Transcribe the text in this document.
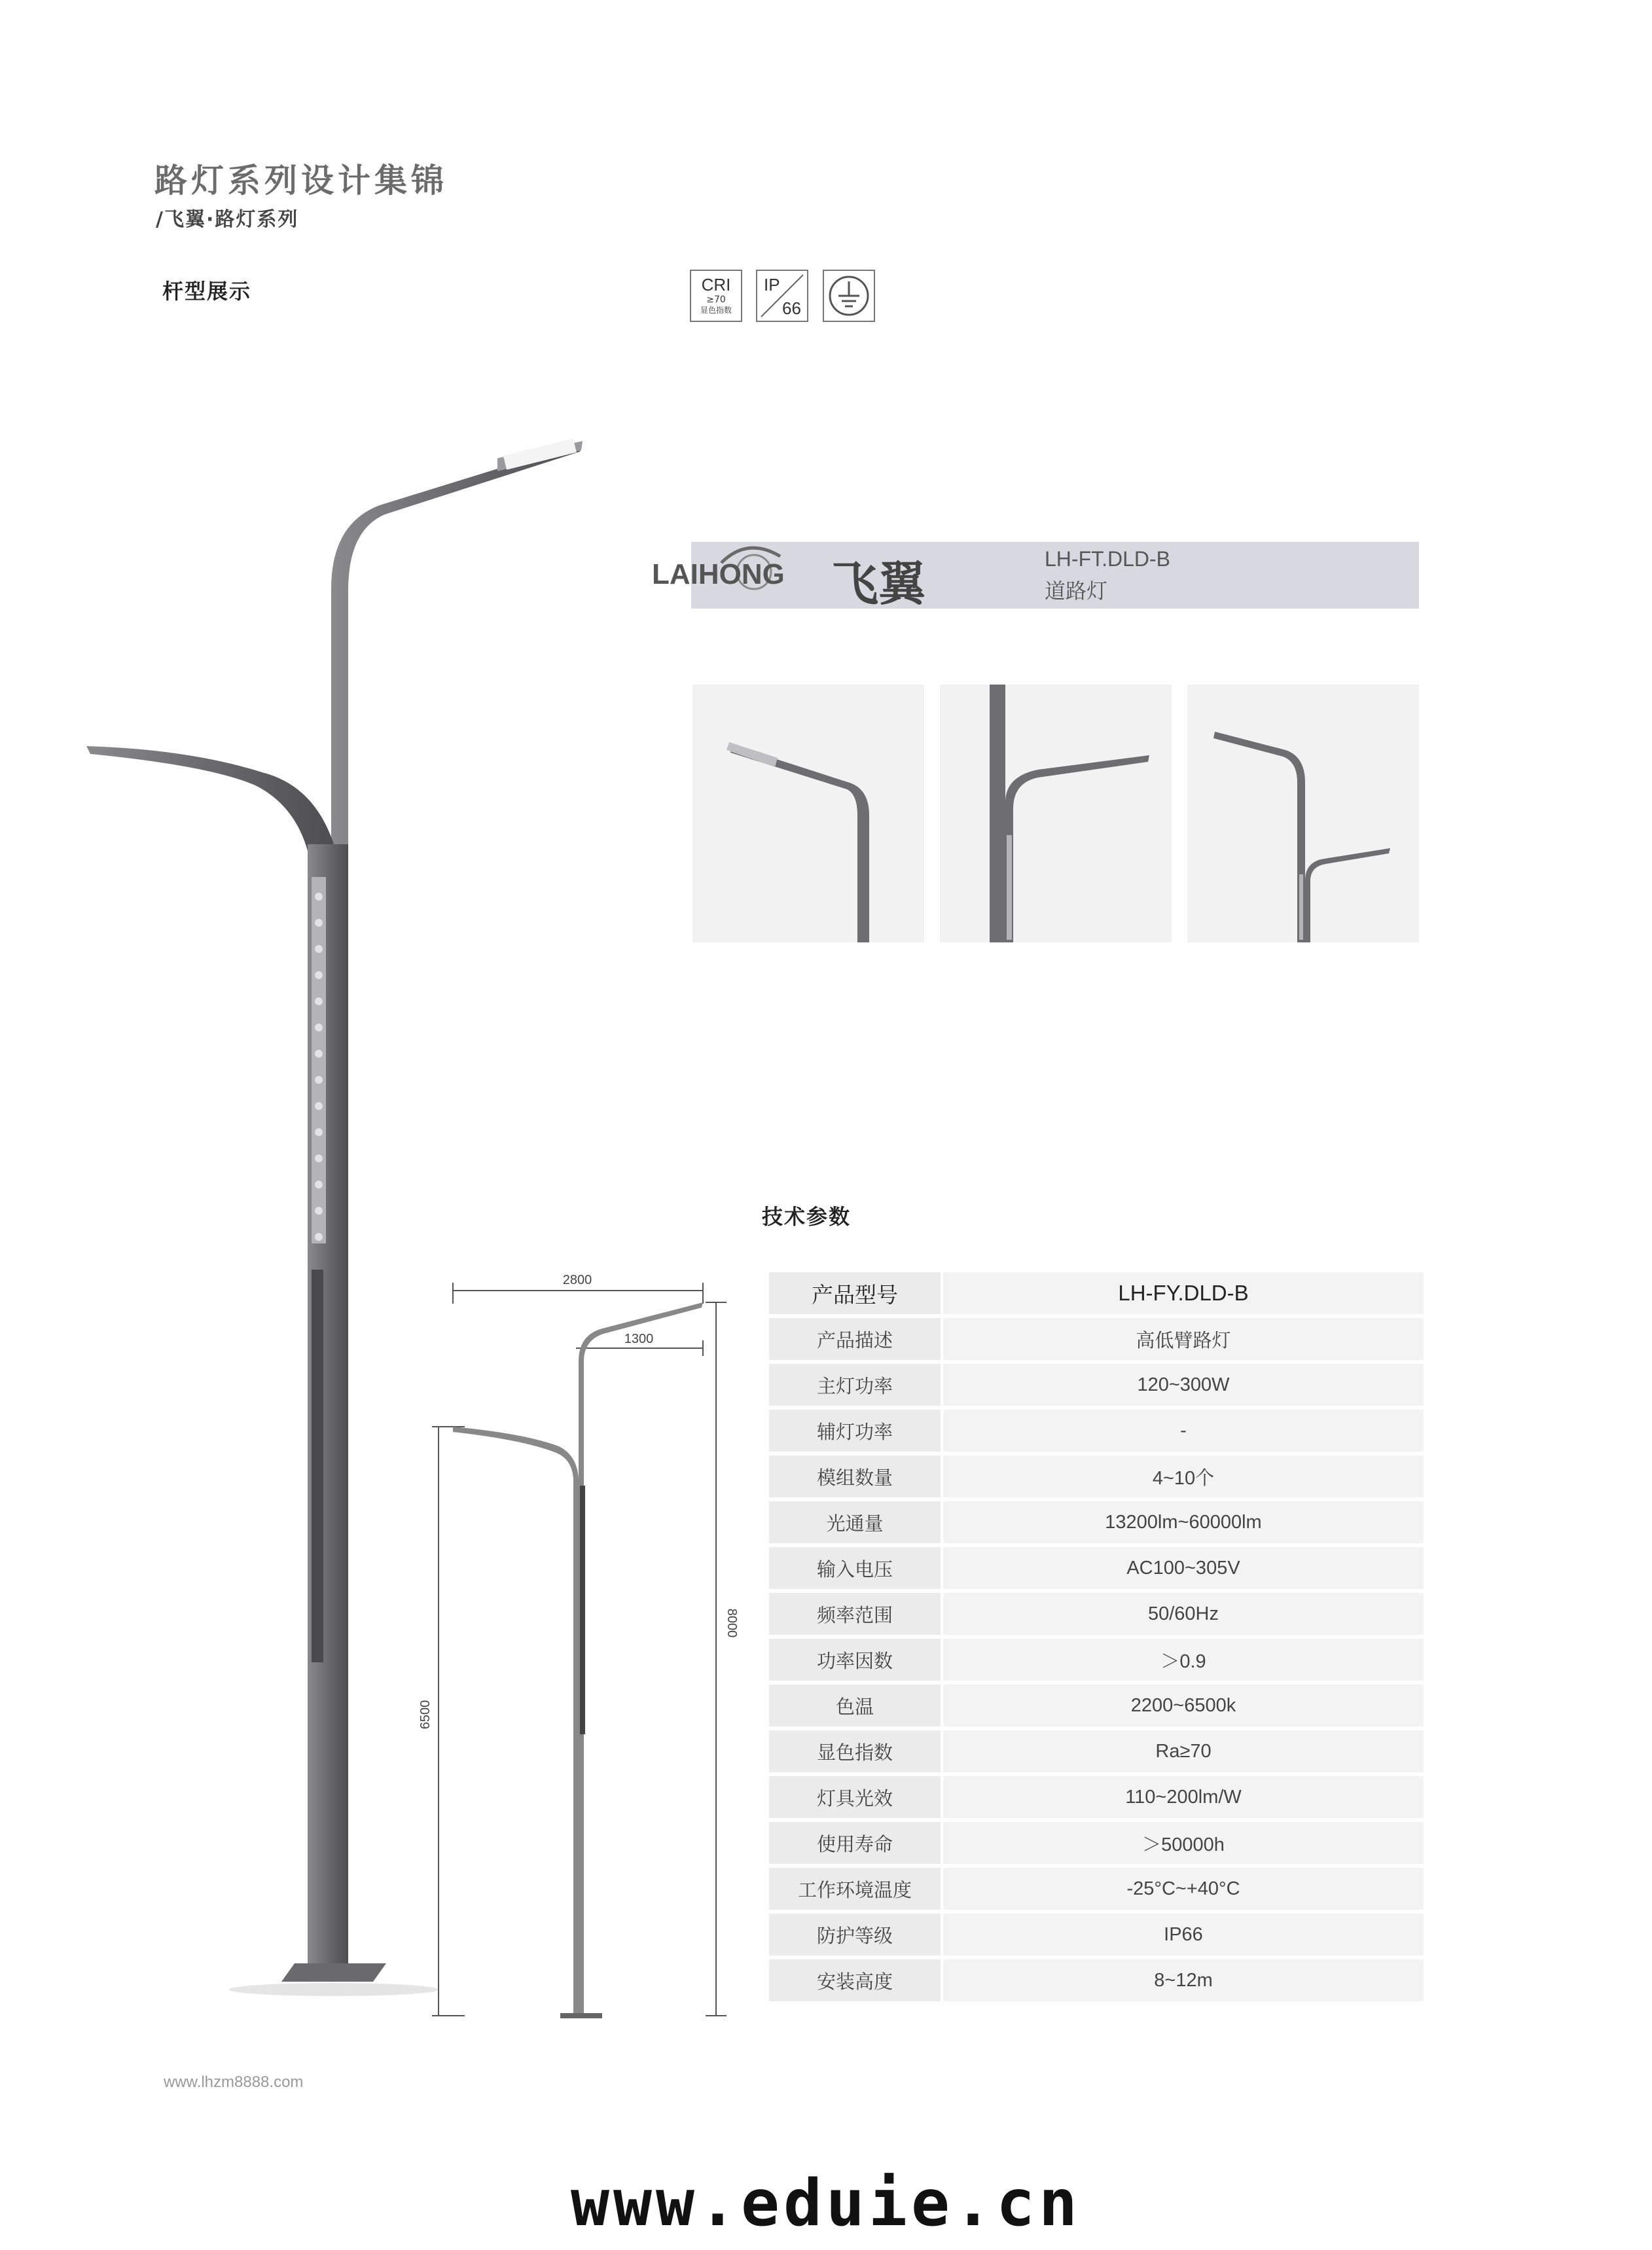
路灯系列设计集锦
/飞翼·路灯系列
杆型展示	CRI
≥70
显色指数
IP
66
LAIHONG 飞翼	LH-FT.DLD-B
道路灯
2800
1300
6500
8000
技术参数
产品型号	LH-FY.DLD-B
产品描述	高低臂路灯
主灯功率	120~300W
辅灯功率	-
模组数量	4~10个
光通量	13200lm~60000lm
输入电压	AC100~305V
频率范围	50/60Hz
功率因数	＞0.9
色温	2200~6500k
显色指数	Ra≥70
灯具光效	110~200lm/W
使用寿命	＞50000h
工作环境温度	-25°C~+40°C
防护等级	IP66
安装高度	8~12m
www.lhzm8888.com
www.eduie.cn
